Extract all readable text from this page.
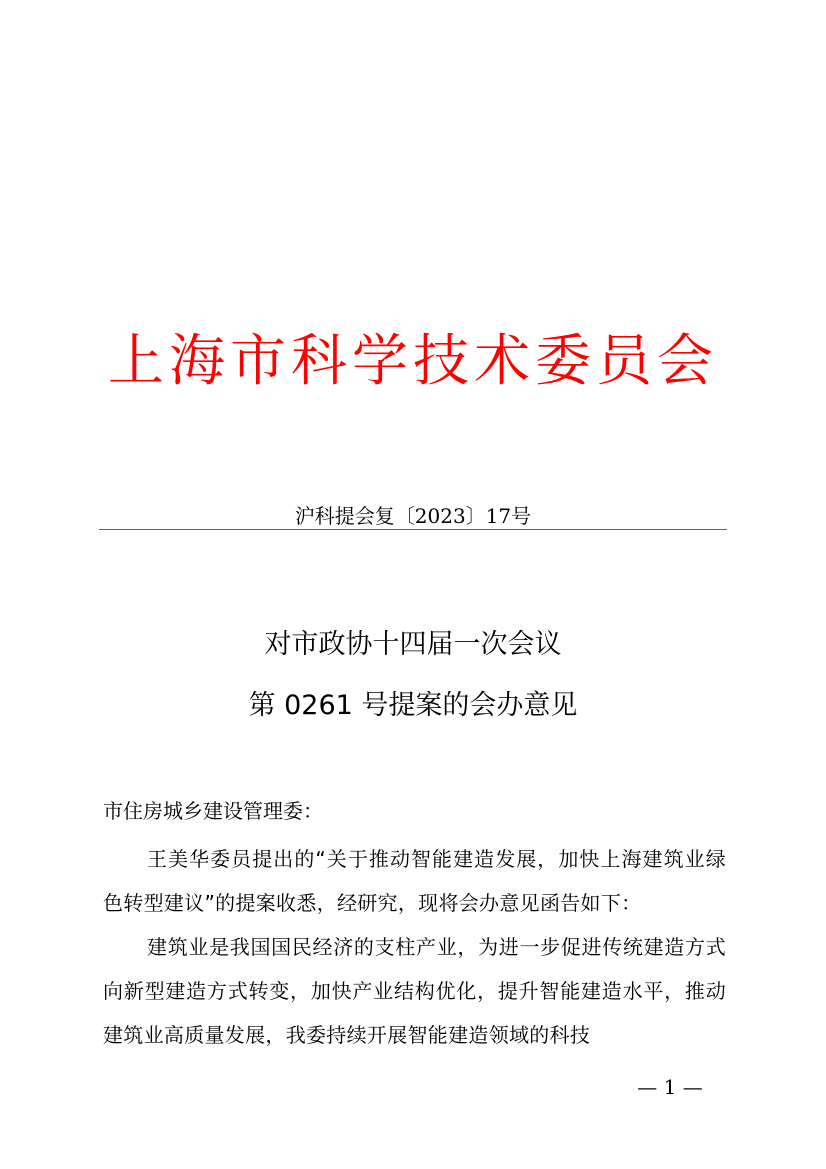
上海市科学技术委员会
沪科提会复〔2023〕17号
对市政协十四届一次会议
第 0261 号提案的会办意见
市住房城乡建设管理委：
王美华委员提出的“关于推动智能建造发展，加快上海建筑业绿色转型建议”的提案收悉，经研究，现将会办意见函告如下：
建筑业是我国国民经济的支柱产业，为进一步促进传统建造方式向新型建造方式转变，加快产业结构优化，提升智能建造水平，推动建筑业高质量发展，我委持续开展智能建造领域的科技
— 1 —
